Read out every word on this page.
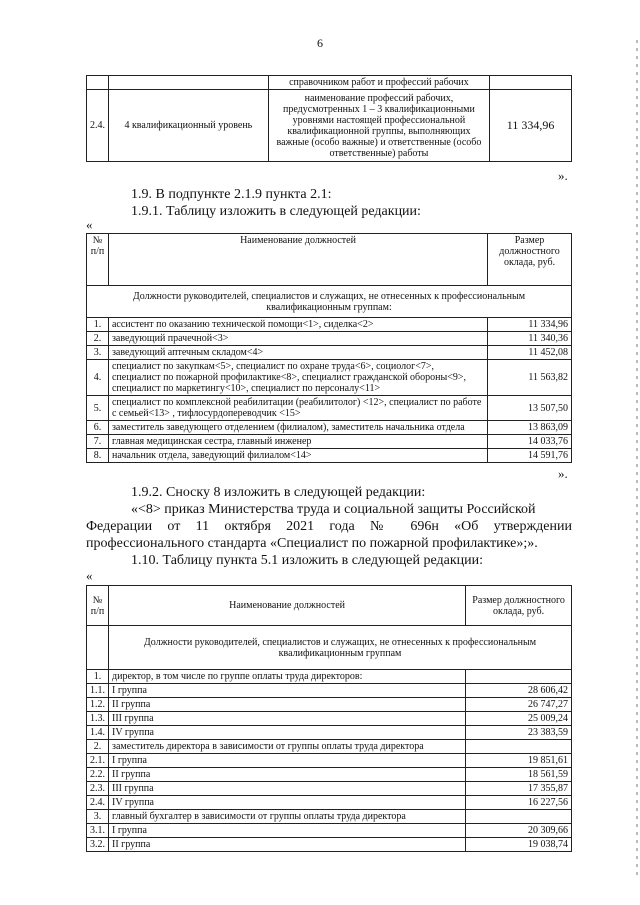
6
		справочником работ и профессий рабочих	
2.4.	4 квалификационный уровень	наименование профессий рабочих, предусмотренных 1 – 3 квалификационными уровнями настоящей профессиональной квалификационной группы, выполняющих важные (особо важные) и ответственные (особо ответственные) работы	11 334,96
».
1.9. В подпункте 2.1.9 пункта 2.1:
1.9.1. Таблицу изложить в следующей редакции:
«
№ п/п	Наименование должностей	Размер должностного оклада, руб.
Должности руководителей, специалистов и служащих, не отнесенных к профессиональным квалификационным группам:		
1.	ассистент по оказанию технической помощи<1>, сиделка<2>	11 334,96
2.	заведующий прачечной<3>	11 340,36
3.	заведующий аптечным складом<4>	11 452,08
4.	специалист по закупкам<5>, специалист по охране труда<6>, социолог<7>, специалист по пожарной профилактике<8>, специалист гражданской обороны<9>, специалист по маркетингу<10>, специалист по персоналу<11>	11 563,82
5.	специалист по комплексной реабилитации (реабилитолог) <12>, специалист по работе с семьей<13> , тифлосурдопереводчик <15>	13 507,50
6.	заместитель заведующего отделением (филиалом), заместитель начальника отдела	13 863,09
7.	главная медицинская сестра, главный инженер	14 033,76
8.	начальник отдела, заведующий филиалом<14>	14 591,76
».
1.9.2. Сноску 8 изложить в следующей редакции:
«<8> приказ Министерства труда и социальной защиты Российской
Федерации от 11 октября 2021 года № 696н «Об утверждении
профессионального стандарта «Специалист по пожарной профилактике»;».
1.10. Таблицу пункта 5.1 изложить в следующей редакции:
«
№ п/п	Наименование должностей	Размер должностного оклада, руб.
	Должности руководителей, специалистов и служащих, не отнесенных к профессиональным квалификационным группам	
1.	директор, в том числе по группе оплаты труда директоров:	
1.1.	I группа	28 606,42
1.2.	II группа	26 747,27
1.3.	III группа	25 009,24
1.4.	IV группа	23 383,59
2.	заместитель директора в зависимости от группы оплаты труда директора	
2.1.	I группа	19 851,61
2.2.	II группа	18 561,59
2.3.	III группа	17 355,87
2.4.	IV группа	16 227,56
3.	главный бухгалтер в зависимости от группы оплаты труда директора	
3.1.	I группа	20 309,66
3.2.	II группа	19 038,74
